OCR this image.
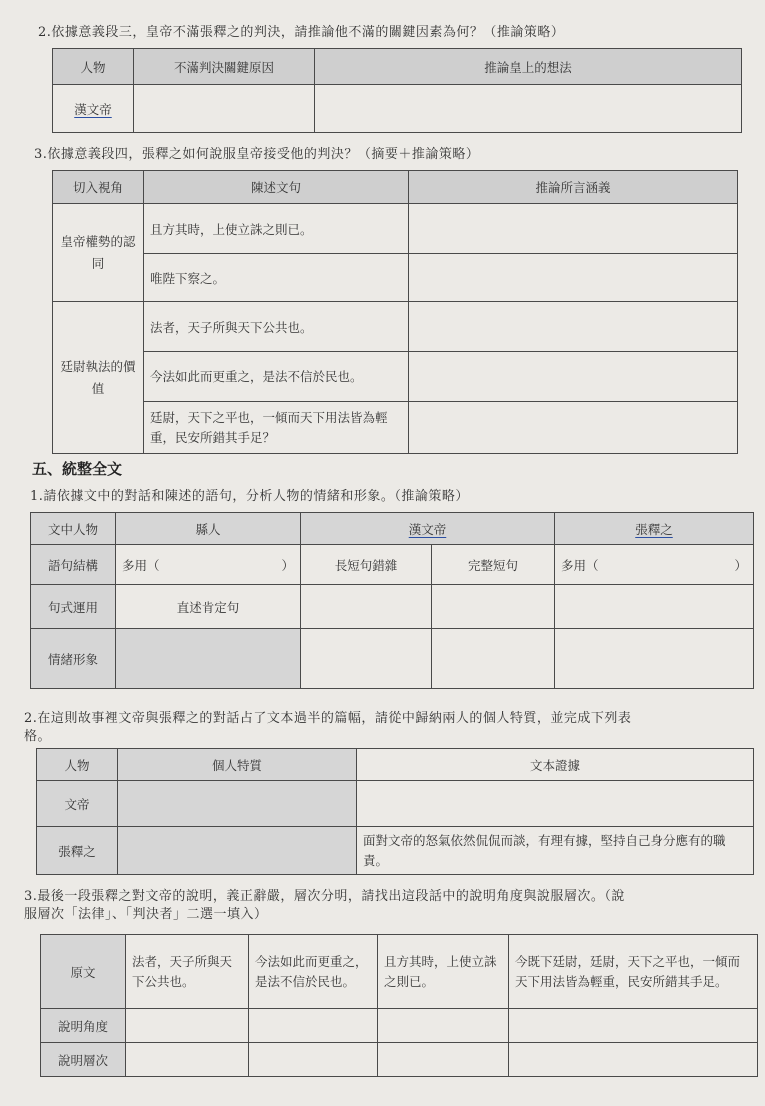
2.依據意義段三，皇帝不滿張釋之的判決，請推論他不滿的關鍵因素為何？（推論策略）
人物	不滿判決關鍵原因	推論皇上的想法
漢文帝		
3.依據意義段四，張釋之如何說服皇帝接受他的判決？（摘要＋推論策略）
切入視角	陳述文句	推論所言涵義
皇帝權勢的認同	且方其時，上使立誅之則已。	
	唯陛下察之。	
廷尉執法的價值	法者，天子所與天下公共也。	
	今法如此而更重之，是法不信於民也。	
	廷尉，天下之平也，一傾而天下用法皆為輕重，民安所錯其手足？	
五、統整全文
1.請依據文中的對話和陳述的語句，分析人物的情緒和形象。（推論策略）
文中人物	縣人	漢文帝		張釋之
語句結構	多用（ ）	長短句錯雜	完整短句	多用（ ）

句式運用	直述肯定句			
情緒形象				
2.在這則故事裡文帝與張釋之的對話占了文本過半的篇幅，請從中歸納兩人的個人特質，並完成下列表
格。
人物	個人特質	文本證據
文帝		
張釋之		面對文帝的怒氣依然侃侃而談，有理有據，堅持自己身分應有的職責。
3.最後一段張釋之對文帝的說明，義正辭嚴，層次分明，請找出這段話中的說明角度與說服層次。（說
服層次「法律」、「判決者」二選一填入）
原文	法者，天子所與天下公共也。	今法如此而更重之，是法不信於民也。	且方其時，上使立誅之則已。	今既下廷尉，廷尉，天下之平也，一傾而天下用法皆為輕重，民安所錯其手足。
說明角度				
說明層次				
